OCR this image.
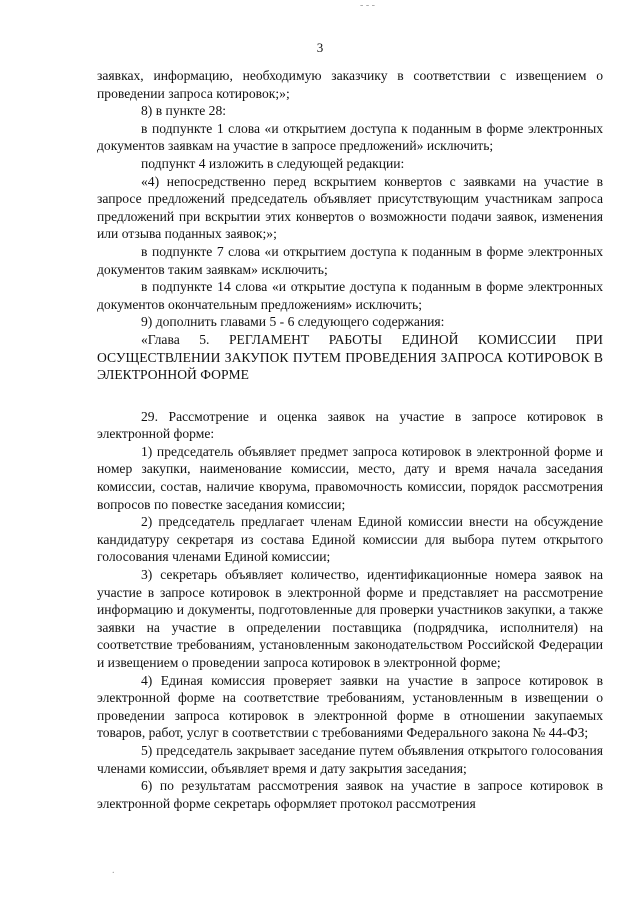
3

заявках, информацию, необходимую заказчику в соответствии с извещением о проведении запроса котировок;»;

8) в пункте 28:

в подпункте 1 слова «и открытием доступа к поданным в форме электронных документов заявкам на участие в запросе предложений» исключить;

подпункт 4 изложить в следующей редакции:

«4) непосредственно перед вскрытием конвертов с заявками на участие в запросе предложений председатель объявляет присутствующим участникам запроса предложений при вскрытии этих конвертов о возможности подачи заявок, изменения или отзыва поданных заявок;»;

в подпункте 7 слова «и открытием доступа к поданным в форме электронных документов таким заявкам» исключить;

в подпункте 14 слова «и открытие доступа к поданным в форме электронных документов окончательным предложениям» исключить;

9) дополнить главами 5 - 6 следующего содержания:

«Глава 5. РЕГЛАМЕНТ РАБОТЫ ЕДИНОЙ КОМИССИИ ПРИ ОСУЩЕСТВЛЕНИИ ЗАКУПОК ПУТЕМ ПРОВЕДЕНИЯ ЗАПРОСА КОТИРОВОК В ЭЛЕКТРОННОЙ ФОРМЕ

29. Рассмотрение и оценка заявок на участие в запросе котировок в электронной форме:

1) председатель объявляет предмет запроса котировок в электронной форме и номер закупки, наименование комиссии, место, дату и время начала заседания комиссии, состав, наличие кворума, правомочность комиссии, порядок рассмотрения вопросов по повестке заседания комиссии;

2) председатель предлагает членам Единой комиссии внести на обсуждение кандидатуру секретаря из состава Единой комиссии для выбора путем открытого голосования членами Единой комиссии;

3) секретарь объявляет количество, идентификационные номера заявок на участие в запросе котировок в электронной форме и представляет на рассмотрение информацию и документы, подготовленные для проверки участников закупки, а также заявки на участие в определении поставщика (подрядчика, исполнителя) на соответствие требованиям, установленным законодательством Российской Федерации и извещением о проведении запроса котировок в электронной форме;

4) Единая комиссия проверяет заявки на участие в запросе котировок в электронной форме на соответствие требованиям, установленным в извещении о проведении запроса котировок в электронной форме в отношении закупаемых товаров, работ, услуг в соответствии с требованиями Федерального закона № 44-ФЗ;

5) председатель закрывает заседание путем объявления открытого голосования членами комиссии, объявляет время и дату закрытия заседания;

6) по результатам рассмотрения заявок на участие в запросе котировок в электронной форме секретарь оформляет протокол рассмотрения

‐ ‐ ‐
.
